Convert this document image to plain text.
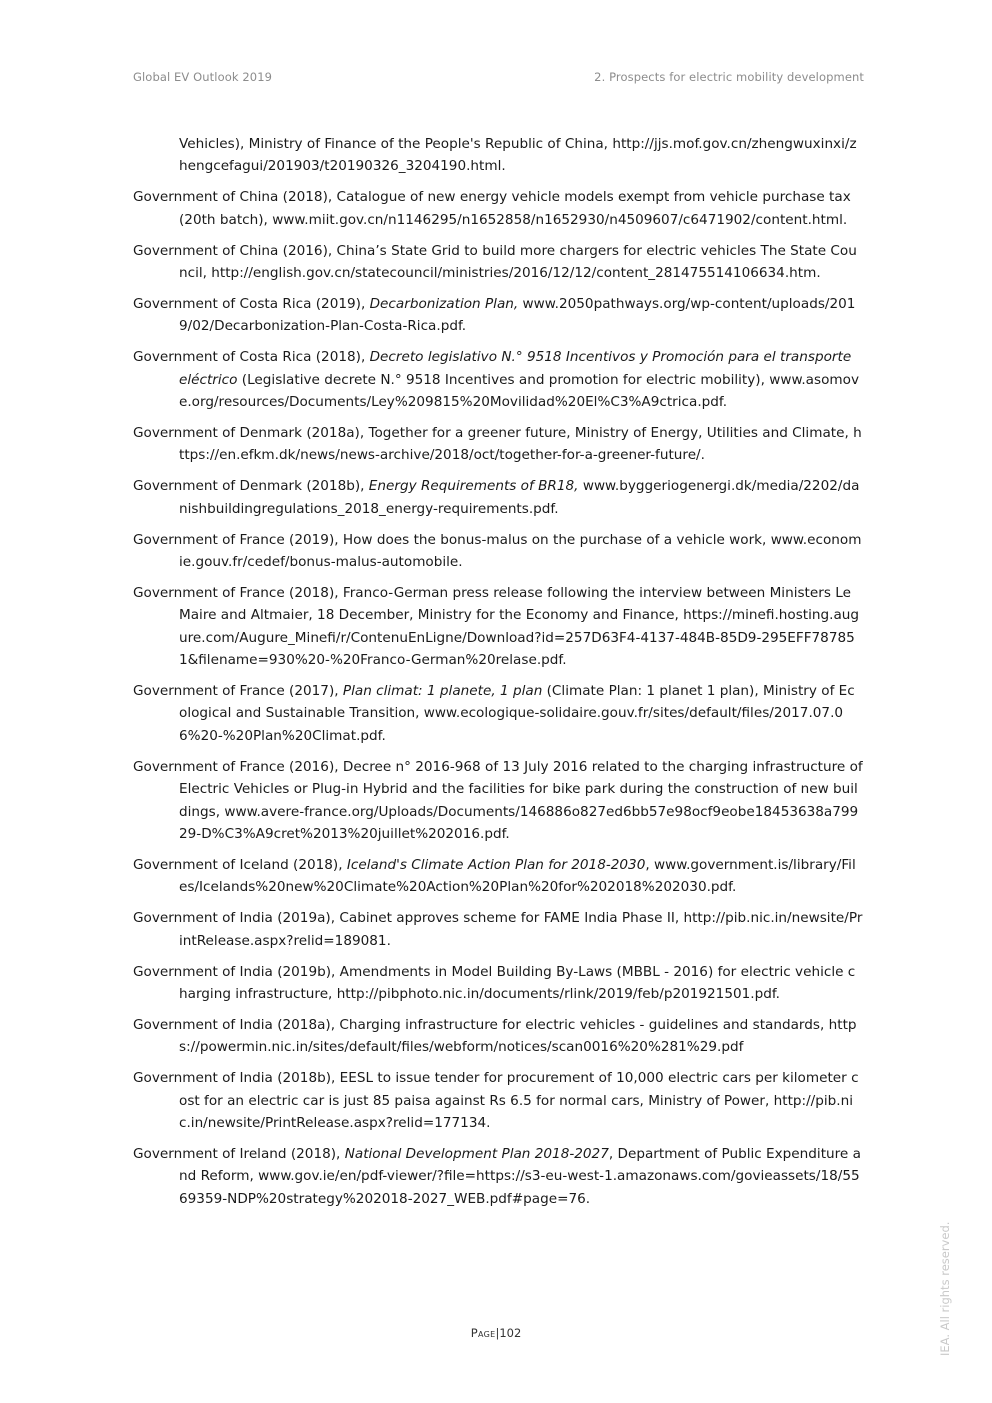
Global EV Outlook 2019	2. Prospects for electric mobility development

Vehicles), Ministry of Finance of the People's Republic of China, http://jjs.mof.gov.cn/zhengwuxinxi/zhengcefagui/201903/t20190326_3204190.html.

Government of China (2018), Catalogue of new energy vehicle models exempt from vehicle purchase tax (20th batch), www.miit.gov.cn/n1146295/n1652858/n1652930/n4509607/c6471902/content.html.

Government of China (2016), China’s State Grid to build more chargers for electric vehicles The State Council, http://english.gov.cn/statecouncil/ministries/2016/12/12/content_281475514106634.htm.

Government of Costa Rica (2019), Decarbonization Plan, www.2050pathways.org/wp-content/uploads/2019/02/Decarbonization-Plan-Costa-Rica.pdf.

Government of Costa Rica (2018), Decreto legislativo N.° 9518 Incentivos y Promoción para el transporte eléctrico (Legislative decrete N.° 9518 Incentives and promotion for electric mobility), www.asomove.org/resources/Documents/Ley%209815%20Movilidad%20El%C3%A9ctrica.pdf.

Government of Denmark (2018a), Together for a greener future, Ministry of Energy, Utilities and Climate, https://en.efkm.dk/news/news-archive/2018/oct/together-for-a-greener-future/.

Government of Denmark (2018b), Energy Requirements of BR18, www.byggeriogenergi.dk/media/2202/danishbuildingregulations_2018_energy-requirements.pdf.

Government of France (2019), How does the bonus-malus on the purchase of a vehicle work, www.economie.gouv.fr/cedef/bonus-malus-automobile.

Government of France (2018), Franco-German press release following the interview between Ministers Le Maire and Altmaier, 18 December, Ministry for the Economy and Finance, https://minefi.hosting.augure.com/Augure_Minefi/r/ContenuEnLigne/Download?id=257D63F4-4137-484B-85D9-295EFF787851&filename=930%20-%20Franco-German%20relase.pdf.

Government of France (2017), Plan climat: 1 planete, 1 plan (Climate Plan: 1 planet 1 plan), Ministry of Ecological and Sustainable Transition, www.ecologique-solidaire.gouv.fr/sites/default/files/2017.07.06%20-%20Plan%20Climat.pdf.

Government of France (2016), Decree n° 2016-968 of 13 July 2016 related to the charging infrastructure of Electric Vehicles or Plug-in Hybrid and the facilities for bike park during the construction of new buildings, www.avere-france.org/Uploads/Documents/146886o827ed6bb57e98ocf9eobe18453638a79929-D%C3%A9cret%2013%20juillet%202016.pdf.

Government of Iceland (2018), Iceland's Climate Action Plan for 2018-2030, www.government.is/library/Files/Icelands%20new%20Climate%20Action%20Plan%20for%202018%202030.pdf.

Government of India (2019a), Cabinet approves scheme for FAME India Phase II, http://pib.nic.in/newsite/PrintRelease.aspx?relid=189081.

Government of India (2019b), Amendments in Model Building By-Laws (MBBL - 2016) for electric vehicle charging infrastructure, http://pibphoto.nic.in/documents/rlink/2019/feb/p201921501.pdf.

Government of India (2018a), Charging infrastructure for electric vehicles - guidelines and standards, https://powermin.nic.in/sites/default/files/webform/notices/scan0016%20%281%29.pdf

Government of India (2018b), EESL to issue tender for procurement of 10,000 electric cars per kilometer cost for an electric car is just 85 paisa against Rs 6.5 for normal cars, Ministry of Power, http://pib.nic.in/newsite/PrintRelease.aspx?relid=177134.

Government of Ireland (2018), National Development Plan 2018-2027, Department of Public Expenditure and Reform, www.gov.ie/en/pdf-viewer/?file=https://s3-eu-west-1.amazonaws.com/govieassets/18/5569359-NDP%20strategy%202018-2027_WEB.pdf#page=76.

Page|102	IEA. All rights reserved.
